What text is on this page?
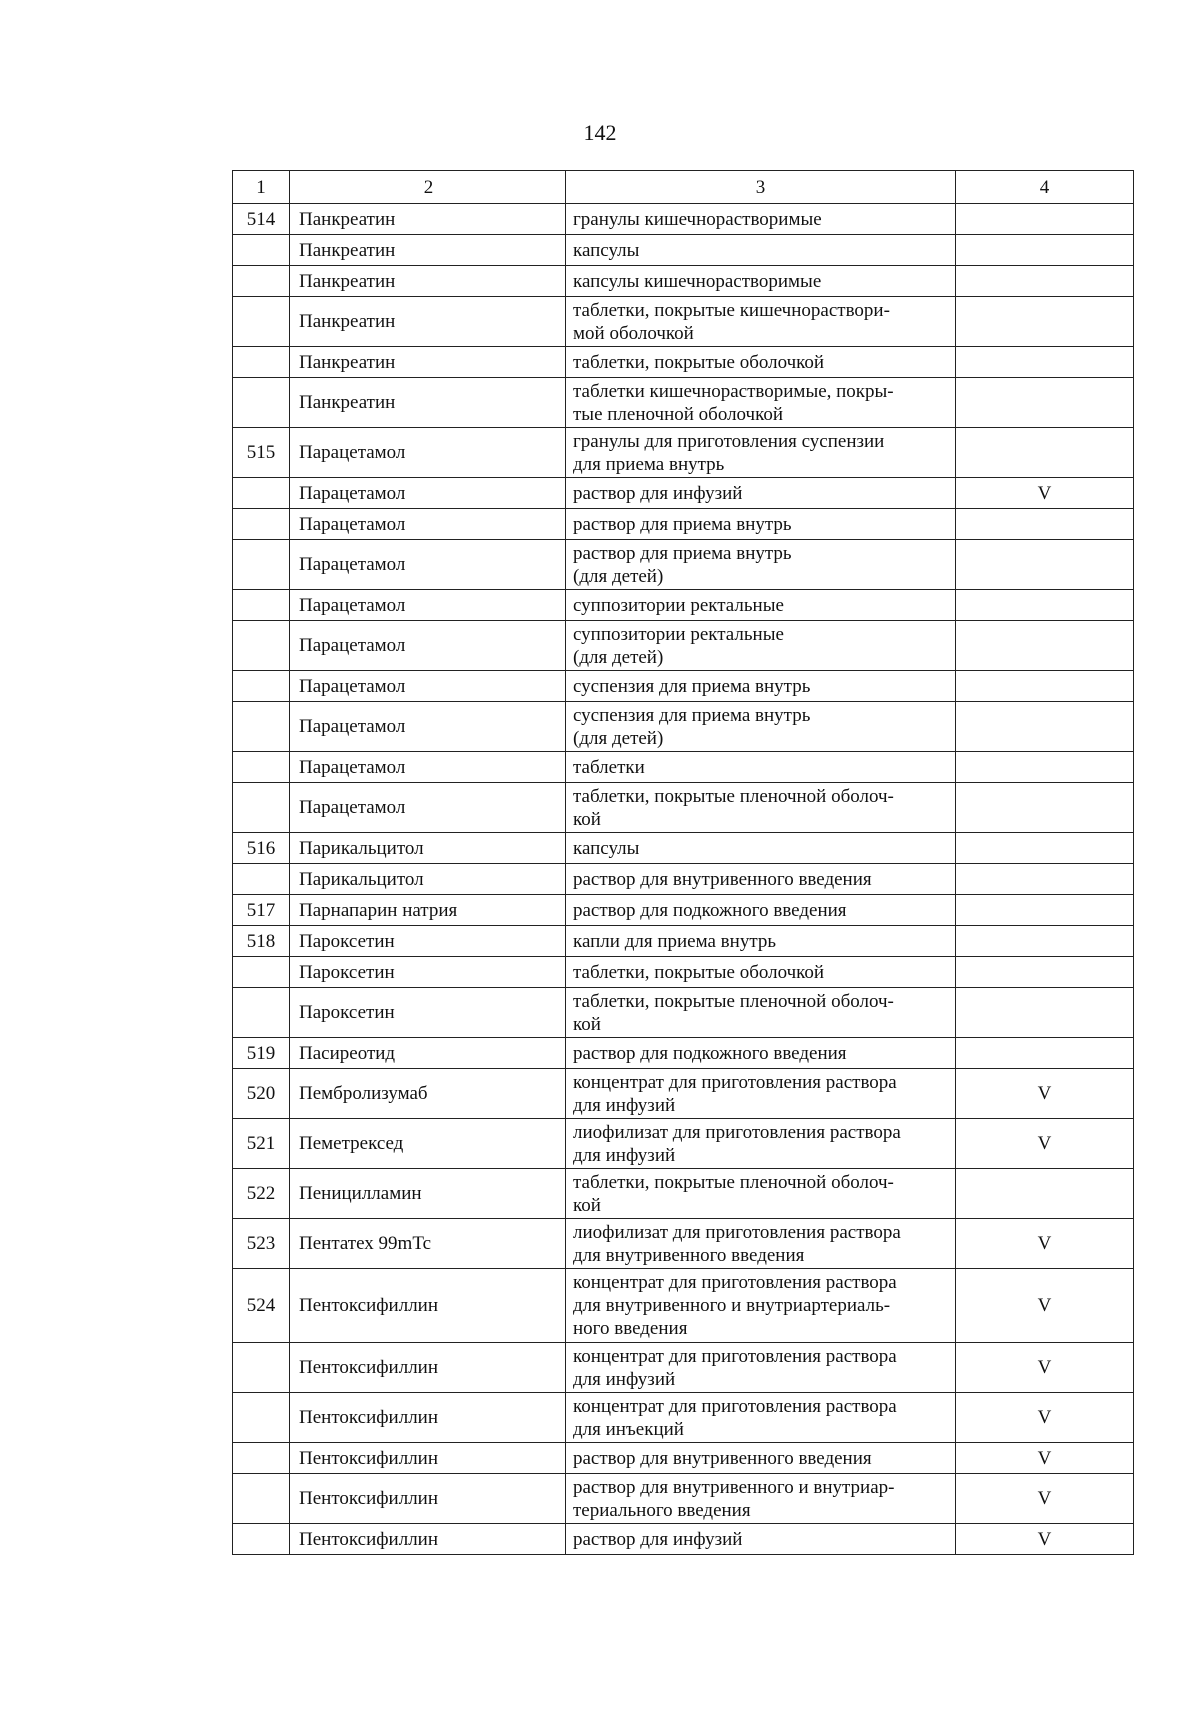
142
1	2	3	4
514	Панкреатин	гранулы кишечнорастворимые	
	Панкреатин	капсулы	
	Панкреатин	капсулы кишечнорастворимые	
	Панкреатин	таблетки, покрытые кишечнораствори-
мой оболочкой	
	Панкреатин	таблетки, покрытые оболочкой	
	Панкреатин	таблетки кишечнорастворимые, покры-
тые пленочной оболочкой	
515	Парацетамол	гранулы для приготовления суспензии
для приема внутрь	
	Парацетамол	раствор для инфузий	V
	Парацетамол	раствор для приема внутрь	
	Парацетамол	раствор для приема внутрь
(для детей)	
	Парацетамол	суппозитории ректальные	
	Парацетамол	суппозитории ректальные
(для детей)	
	Парацетамол	суспензия для приема внутрь	
	Парацетамол	суспензия для приема внутрь
(для детей)	
	Парацетамол	таблетки	
	Парацетамол	таблетки, покрытые пленочной оболоч-
кой	
516	Парикальцитол	капсулы	
	Парикальцитол	раствор для внутривенного введения	
517	Парнапарин натрия	раствор для подкожного введения	
518	Пароксетин	капли для приема внутрь	
	Пароксетин	таблетки, покрытые оболочкой	
	Пароксетин	таблетки, покрытые пленочной оболоч-
кой	
519	Пасиреотид	раствор для подкожного введения	
520	Пембролизумаб	концентрат для приготовления раствора
для инфузий	V
521	Пеметрексед	лиофилизат для приготовления раствора
для инфузий	V
522	Пеницилламин	таблетки, покрытые пленочной оболоч-
кой	
523	Пентатех 99mTc	лиофилизат для приготовления раствора
для внутривенного введения	V
524	Пентоксифиллин	концентрат для приготовления раствора
для внутривенного и внутриартериаль-
ного введения	V
	Пентоксифиллин	концентрат для приготовления раствора
для инфузий	V
	Пентоксифиллин	концентрат для приготовления раствора
для инъекций	V
	Пентоксифиллин	раствор для внутривенного введения	V
	Пентоксифиллин	раствор для внутривенного и внутриар-
териального введения	V
	Пентоксифиллин	раствор для инфузий	V
